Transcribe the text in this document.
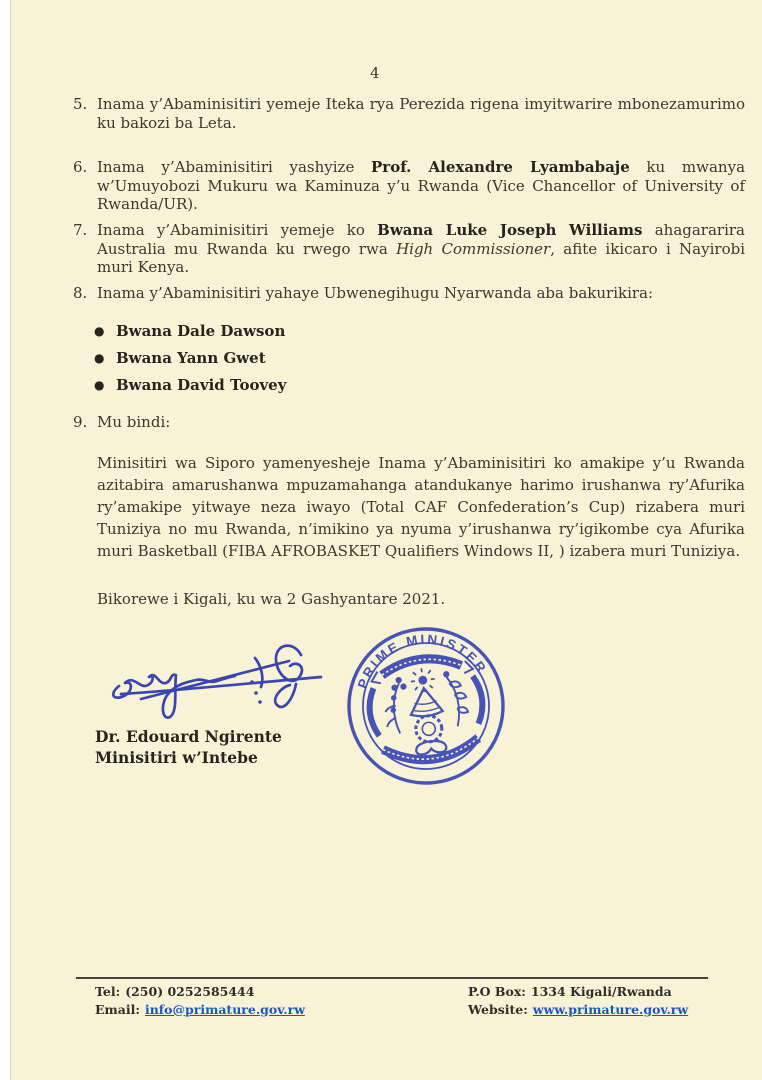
4
5. Inama y’Abaminisitiri yemeje Iteka rya Perezida rigena imyitwarire mbonezamurimo ku bakozi ba Leta.
6. Inama y’Abaminisitiri yashyize Prof. Alexandre Lyambabaje ku mwanya w’Umuyobozi Mukuru wa Kaminuza y’u Rwanda (Vice Chancellor of University of Rwanda/UR).
7. Inama y’Abaminisitiri yemeje ko Bwana Luke Joseph Williams ahagararira Australia mu Rwanda ku rwego rwa High Commissioner, afite ikicaro i Nayirobi muri Kenya.
8. Inama y’Abaminisitiri yahaye Ubwenegihugu Nyarwanda aba bakurikira:
● Bwana Dale Dawson
● Bwana Yann Gwet
● Bwana David Toovey
9. Mu bindi:
Minisitiri wa Siporo yamenyesheje Inama y’Abaminisitiri ko amakipe y’u Rwanda azitabira amarushanwa mpuzamahanga atandukanye harimo irushanwa ry’Afurika ry’amakipe yitwaye neza iwayo (Total CAF Confederation’s Cup) rizabera muri Tuniziya no mu Rwanda, n’imikino ya nyuma y’irushanwa ry’igikombe cya Afurika muri Basketball (FIBA AFROBASKET Qualifiers Windows II, ) izabera muri Tuniziya.
Bikorewe i Kigali, ku wa 2 Gashyantare 2021.
Dr. Edouard Ngirente
Minisitiri w’Intebe
PRIME MINISTER
Tel: (250) 0252585444
Email: info@primature.gov.rw
P.O Box: 1334 Kigali/Rwanda
Website: www.primature.gov.rw
